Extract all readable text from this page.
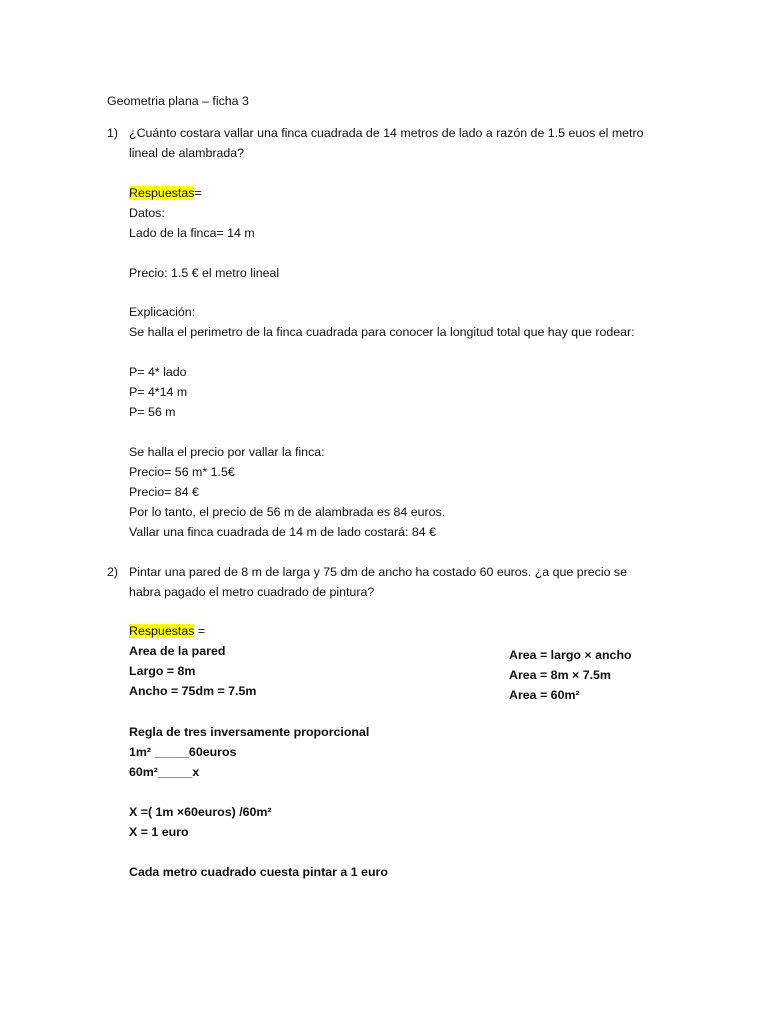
Geometria plana – ficha 3
1) ¿Cuánto costara vallar una finca cuadrada de 14 metros de lado a razón de 1.5 euos el metro
lineal de alambrada?
Respuestas=
Datos:
Lado de la finca= 14 m
Precio: 1.5 € el metro lineal
Explicación:
Se halla el perimetro de la finca cuadrada para conocer la longitud total que hay que rodear:
P= 4* lado
P= 4*14 m
P= 56 m
Se halla el precio por vallar la finca:
Precio= 56 m* 1.5€
Precio= 84 €
Por lo tanto, el precio de 56 m de alambrada es 84 euros.
Vallar una finca cuadrada de 14 m de lado costará: 84 €
2) Pintar una pared de 8 m de larga y 75 dm de ancho ha costado 60 euros. ¿a que precio se
habra pagado el metro cuadrado de pintura?
Respuestas =
Area de la pared
Largo = 8m
Ancho = 75dm = 7.5m
Area = largo × ancho
Area = 8m × 7.5m
Area = 60m²
Regla de tres inversamente proporcional
1m² _____60euros
60m²_____x
X =( 1m ×60euros) /60m²
X = 1 euro
Cada metro cuadrado cuesta pintar a 1 euro
